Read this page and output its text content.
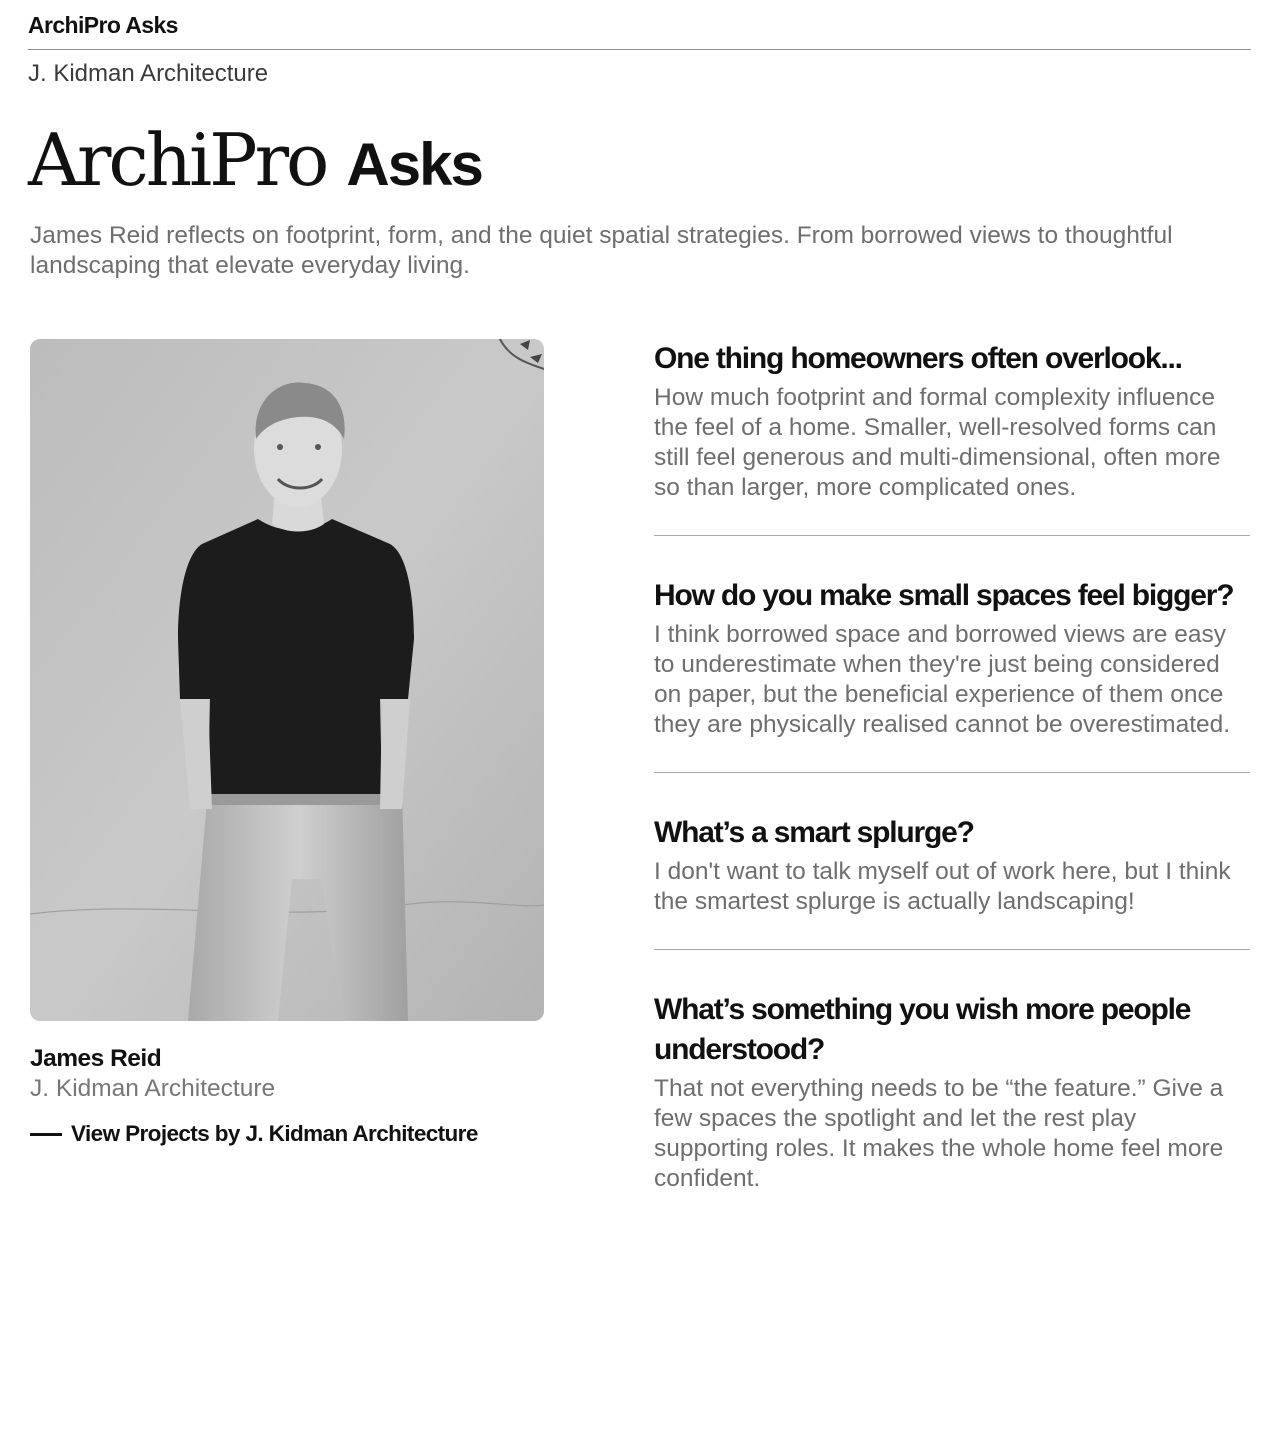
ArchiPro Asks
J. Kidman Architecture
ArchiPro Asks

James Reid reflects on footprint, form, and the quiet spatial strategies. From borrowed views to thoughtful landscaping that elevate everyday living.

James Reid
J. Kidman Architecture
View Projects by J. Kidman Architecture
One thing homeowners often overlook...

How much footprint and formal complexity influence the feel of a home. Smaller, well-resolved forms can still feel generous and multi-dimensional, often more so than larger, more complicated ones.

How do you make small spaces feel bigger?

I think borrowed space and borrowed views are easy to underestimate when they're just being considered on paper, but the beneficial experience of them once they are physically realised cannot be overestimated.

What’s a smart splurge?

I don't want to talk myself out of work here, but I think the smartest splurge is actually landscaping!

What’s something you wish more people understood?

That not everything needs to be “the feature.” Give a few spaces the spotlight and let the rest play supporting roles. It makes the whole home feel more confident.
